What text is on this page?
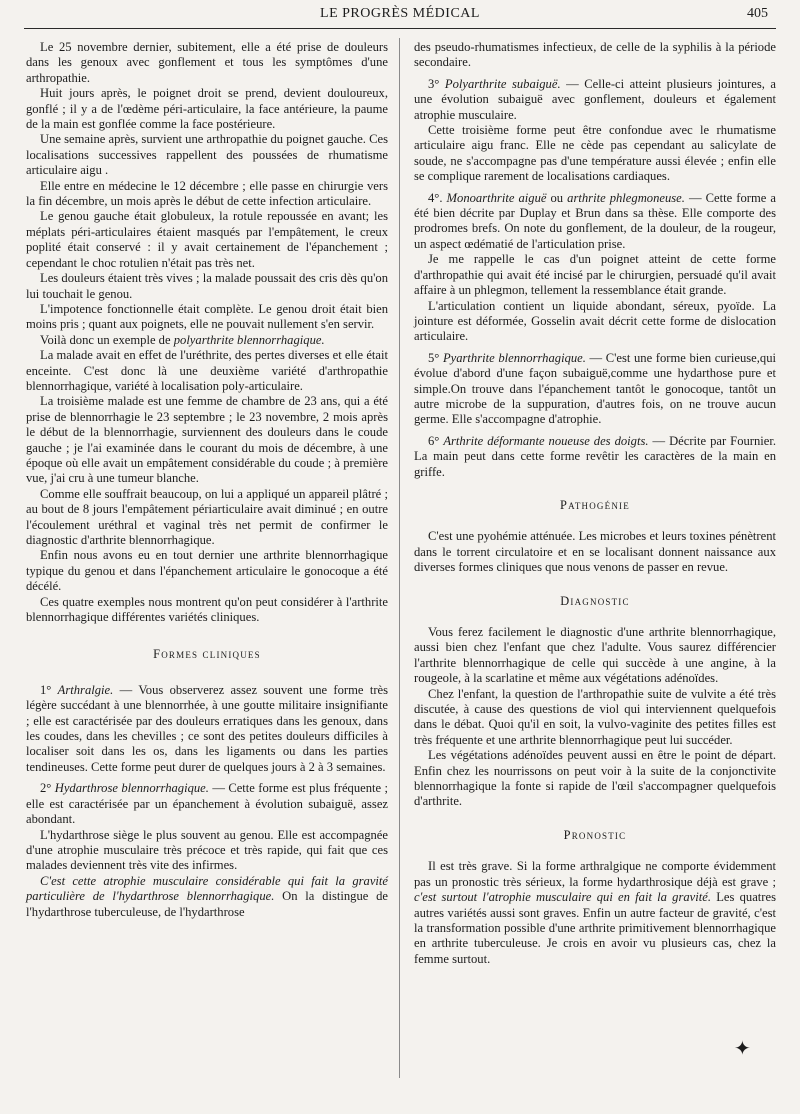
LE PROGRÈS MÉDICAL	405

Le 25 novembre dernier, subitement, elle a été prise de douleurs dans les genoux avec gonflement et tous les symptômes d'une arthropathie.

Huit jours après, le poignet droit se prend, devient douloureux, gonflé ; il y a de l'œdème péri-articulaire, la face antérieure, la paume de la main est gonflée comme la face postérieure.

Une semaine après, survient une arthropathie du poignet gauche. Ces localisations successives rappellent des poussées de rhumatisme articulaire aigu .

Elle entre en médecine le 12 décembre ; elle passe en chirurgie vers la fin décembre, un mois après le début de cette infection articulaire.

Le genou gauche était globuleux, la rotule repoussée en avant; les méplats péri-articulaires étaient masqués par l'empâtement, le creux poplité était conservé : il y avait certainement de l'épanchement ; cependant le choc rotulien n'était pas très net.

Les douleurs étaient très vives ; la malade poussait des cris dès qu'on lui touchait le genou.

L'impotence fonctionnelle était complète. Le genou droit était bien moins pris ; quant aux poignets, elle ne pouvait nullement s'en servir.

Voilà donc un exemple de polyarthrite blennorrhagique.

La malade avait en effet de l'uréthrite, des pertes diverses et elle était enceinte. C'est donc là une deuxième variété d'arthropathie blennorrhagique, variété à localisation poly-articulaire.

La troisième malade est une femme de chambre de 23 ans, qui a été prise de blennorrhagie le 23 septembre ; le 23 novembre, 2 mois après le début de la blennorrhagie, surviennent des douleurs dans le coude gauche ; je l'ai examinée dans le courant du mois de décembre, à une époque où elle avait un empâtement considérable du coude ; à première vue, j'ai cru à une tumeur blanche.

Comme elle souffrait beaucoup, on lui a appliqué un appareil plâtré ; au bout de 8 jours l'empâtement périarticulaire avait diminué ; en outre l'écoulement uréthral et vaginal très net permit de confirmer le diagnostic d'arthrite blennorrhagique.

Enfin nous avons eu en tout dernier une arthrite blennorrhagique typique du genou et dans l'épanchement articulaire le gonocoque a été décélé.

Ces quatre exemples nous montrent qu'on peut considérer à l'arthrite blennorrhagique différentes variétés cliniques.

Formes cliniques

1° Arthralgie. — Vous observerez assez souvent une forme très légère succédant à une blennorrhée, à une goutte militaire insignifiante ; elle est caractérisée par des douleurs erratiques dans les genoux, dans les coudes, dans les chevilles ; ce sont des petites douleurs difficiles à localiser soit dans les os, dans les ligaments ou dans les parties tendineuses. Cette forme peut durer de quelques jours à 2 à 3 semaines.

2° Hydarthrose blennorrhagique. — Cette forme est plus fréquente ; elle est caractérisée par un épanchement à évolution subaiguë, assez abondant.

L'hydarthrose siège le plus souvent au genou. Elle est accompagnée d'une atrophie musculaire très précoce et très rapide, qui fait que ces malades deviennent très vite des infirmes.

C'est cette atrophie musculaire considérable qui fait la gravité particulière de l'hydarthrose blennorrhagique. On la distingue de l'hydarthrose tuberculeuse, de l'hydarthrose

des pseudo-rhumatismes infectieux, de celle de la syphilis à la période secondaire.

3° Polyarthrite subaiguë. — Celle-ci atteint plusieurs jointures, a une évolution subaiguë avec gonflement, douleurs et également atrophie musculaire.

Cette troisième forme peut être confondue avec le rhumatisme articulaire aigu franc. Elle ne cède pas cependant au salicylate de soude, ne s'accompagne pas d'une température aussi élevée ; enfin elle se complique rarement de localisations cardiaques.

4°. Monoarthrite aiguë ou arthrite phlegmoneuse. — Cette forme a été bien décrite par Duplay et Brun dans sa thèse. Elle comporte des prodromes brefs. On note du gonflement, de la douleur, de la rougeur, un aspect œdématié de l'articulation prise.

Je me rappelle le cas d'un poignet atteint de cette forme d'arthropathie qui avait été incisé par le chirurgien, persuadé qu'il avait affaire à un phlegmon, tellement la ressemblance était grande.

L'articulation contient un liquide abondant, séreux, pyoïde. La jointure est déformée, Gosselin avait décrit cette forme de dislocation articulaire.

5° Pyarthrite blennorrhagique. — C'est une forme bien curieuse,qui évolue d'abord d'une façon subaiguë,comme une hydarthose pure et simple.On trouve dans l'épanchement tantôt le gonocoque, tantôt un autre microbe de la suppuration, d'autres fois, on ne trouve aucun germe. Elle s'accompagne d'atrophie.

6° Arthrite déformante noueuse des doigts. — Décrite par Fournier. La main peut dans cette forme revêtir les caractères de la main en griffe.

Pathogénie

C'est une pyohémie atténuée. Les microbes et leurs toxines pénètrent dans le torrent circulatoire et en se localisant donnent naissance aux diverses formes cliniques que nous venons de passer en revue.

Diagnostic

Vous ferez facilement le diagnostic d'une arthrite blennorrhagique, aussi bien chez l'enfant que chez l'adulte. Vous saurez différencier l'arthrite blennorrhagique de celle qui succède à une angine, à la rougeole, à la scarlatine et même aux végétations adénoïdes.

Chez l'enfant, la question de l'arthropathie suite de vulvite a été très discutée, à cause des questions de viol qui interviennent quelquefois dans le débat. Quoi qu'il en soit, la vulvo-vaginite des petites filles est très fréquente et une arthrite blennorrhagique peut lui succéder.

Les végétations adénoïdes peuvent aussi en être le point de départ. Enfin chez les nourrissons on peut voir à la suite de la conjonctivite blennorrhagique la fonte si rapide de l'œil s'accompagner quelquefois d'arthrite.

Pronostic

Il est très grave. Si la forme arthralgique ne comporte évidemment pas un pronostic très sérieux, la forme hydarthrosique déjà est grave ; c'est surtout l'atrophie musculaire qui en fait la gravité. Les quatres autres variétés aussi sont graves. Enfin un autre facteur de gravité, c'est la transformation possible d'une arthrite primitivement blennorrhagique en arthrite tuberculeuse. Je crois en avoir vu plusieurs cas, chez la femme surtout.

✦
